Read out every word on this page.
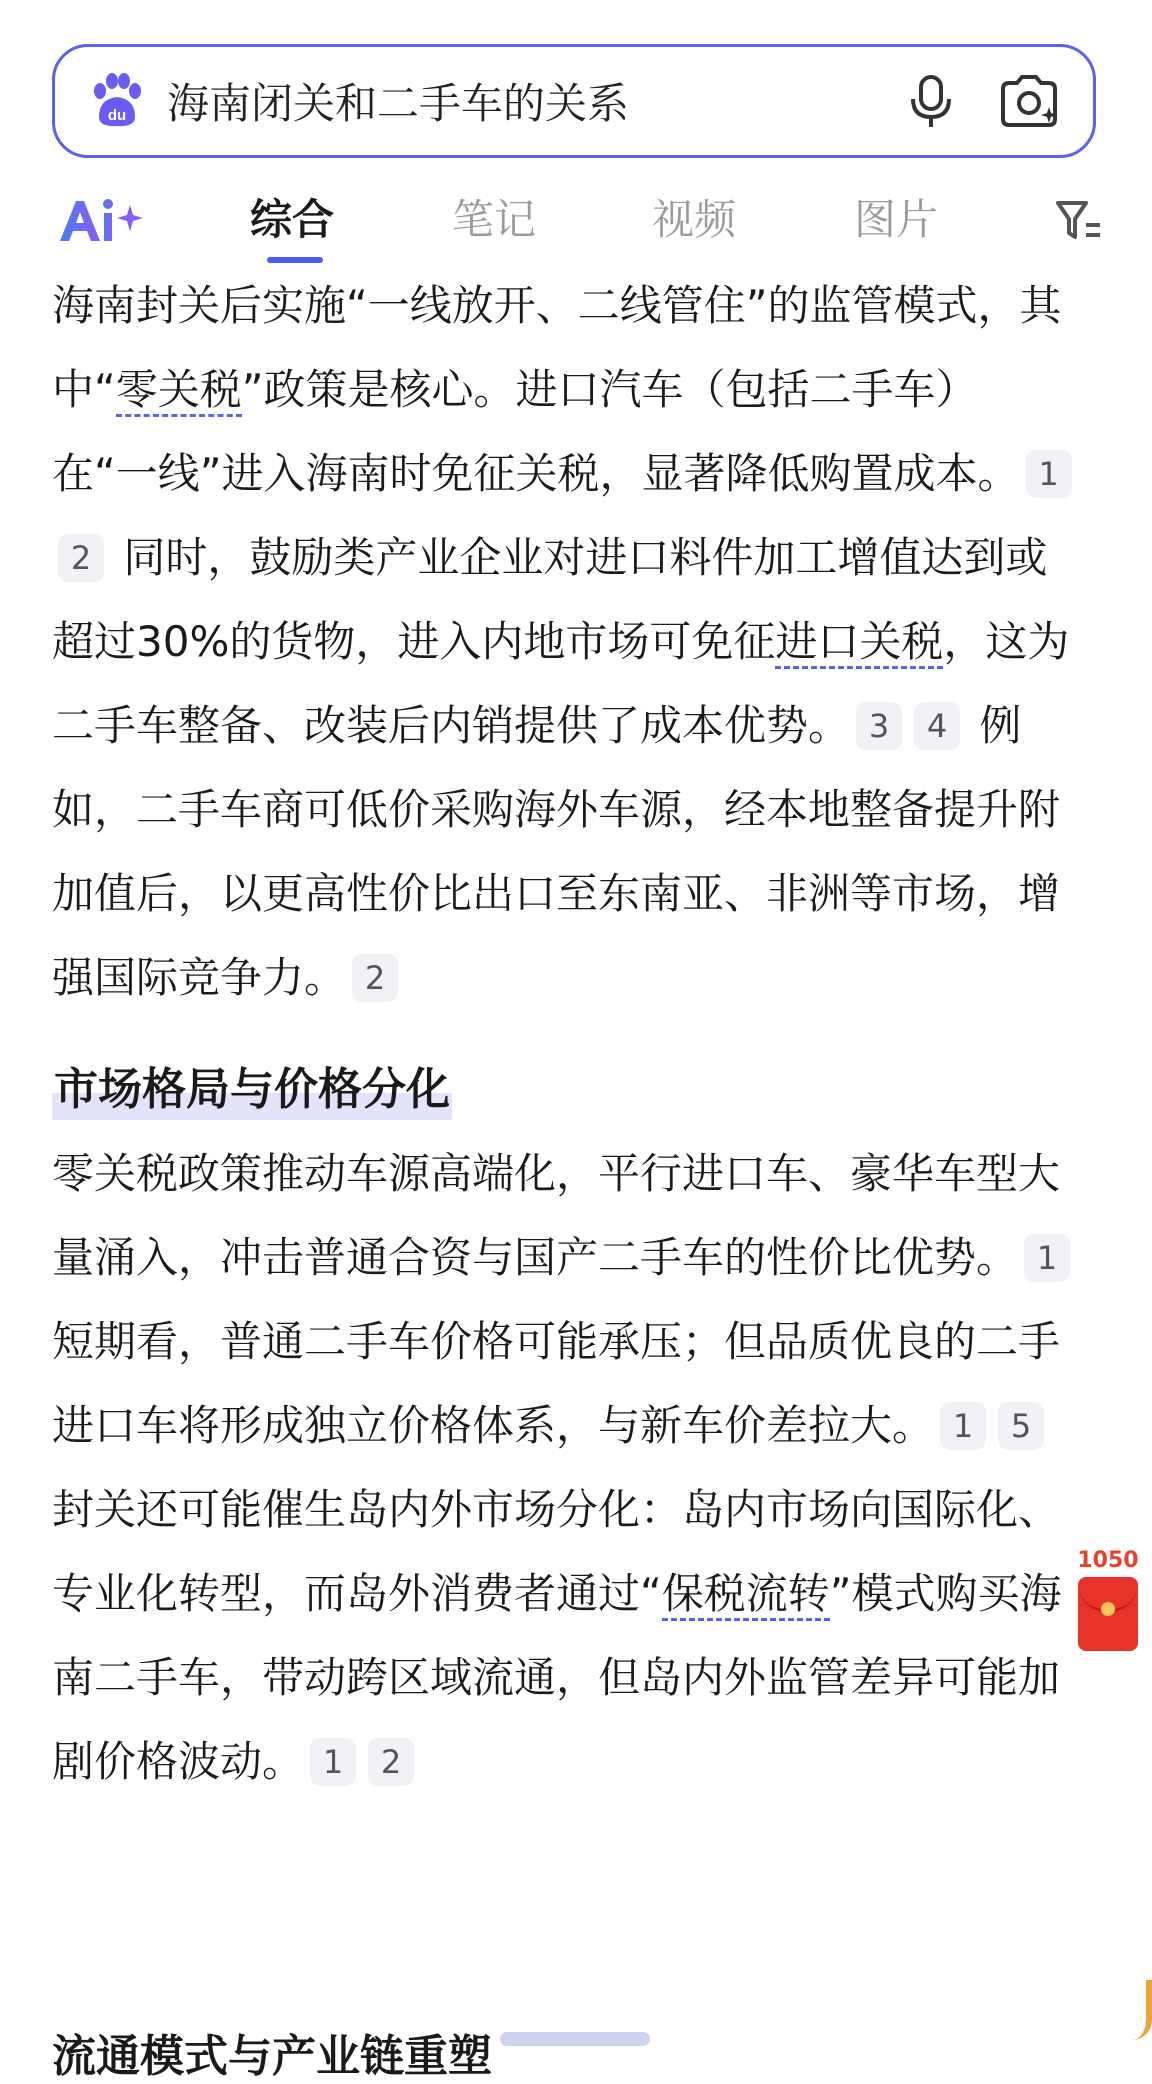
du 海南闭关和二手车的关系
综合	笔记	视频	图片

海南封关后实施“一线放开、二线管住”的监管模式，其中“零关税”政策是核心。进口汽车（包括二手车）在“一线”进入海南时免征关税，显著降低购置成本。 12 同时，鼓励类产业企业对进口料件加工增值达到或超过30%的货物，进入内地市场可免征进口关税，这为二手车整备、改装后内销提供了成本优势。 3 4 例如，二手车商可低价采购海外车源，经本地整备提升附加值后，以更高性价比出口至东南亚、非洲等市场，增强国际竞争力。 2

市场格局与价格分化

零关税政策推动车源高端化，平行进口车、豪华车型大量涌入，冲击普通合资与国产二手车的性价比优势。 1 短期看，普通二手车价格可能承压；但品质优良的二手进口车将形成独立价格体系，与新车价差拉大。 1 5 封关还可能催生岛内外市场分化：岛内市场向国际化、专业化转型，而岛外消费者通过“保税流转”模式购买海南二手车，带动跨区域流通，但岛内外监管差异可能加剧价格波动。 1 2

1050
流通模式与产业链重塑
